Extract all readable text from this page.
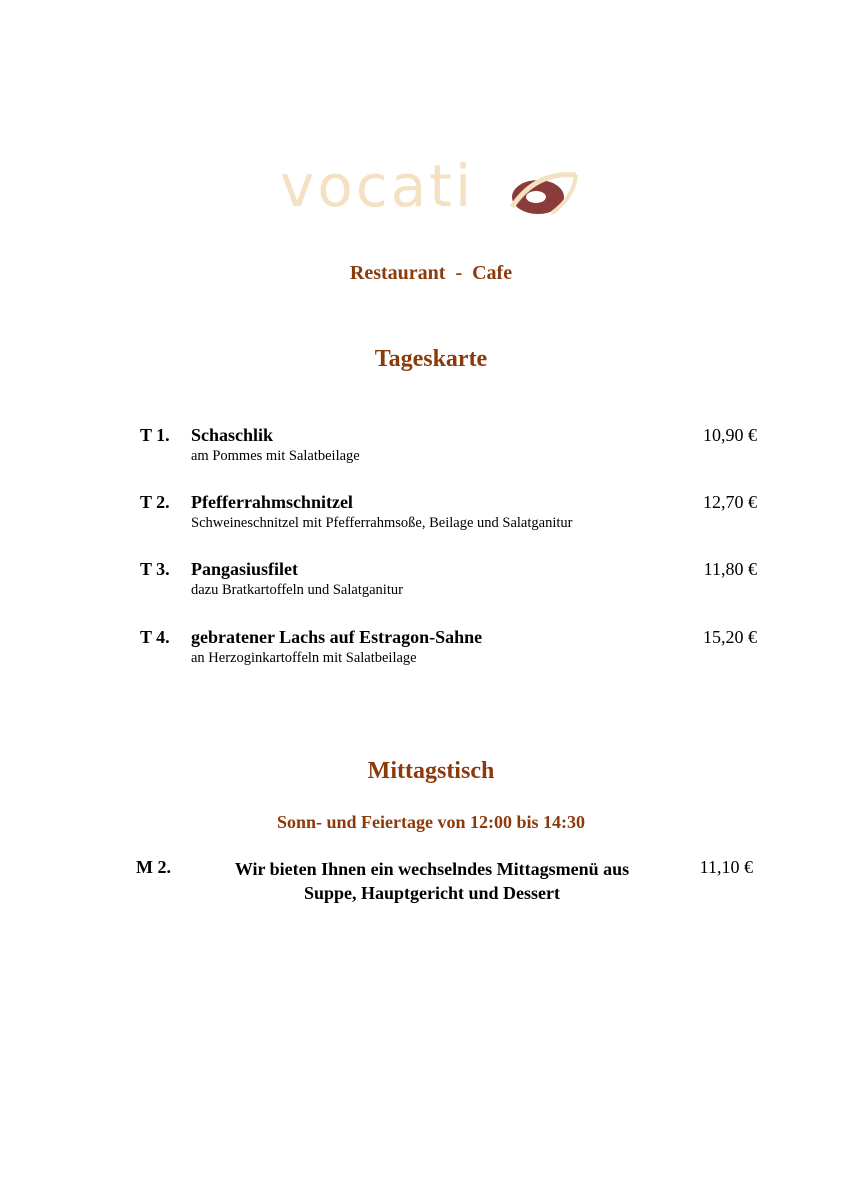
vocati
Restaurant  -  Cafe
Tageskarte
T 1. Schaschlik
am Pommes mit Salatbeilage
10,90 €
T 2. Pfefferrahmschnitzel
Schweineschnitzel mit Pfefferrahmsoße, Beilage und Salatganitur
12,70 €
T 3. Pangasiusfilet
dazu Bratkartoffeln und Salatganitur
11,80 €
T 4. gebratener Lachs auf Estragon-Sahne
an Herzoginkartoffeln mit Salatbeilage
15,20 €
Mittagstisch
Sonn- und Feiertage von 12:00 bis 14:30
M 2.	Wir bieten Ihnen ein wechselndes Mittagsmenü aus
Suppe, Hauptgericht und Dessert
11,10 €
